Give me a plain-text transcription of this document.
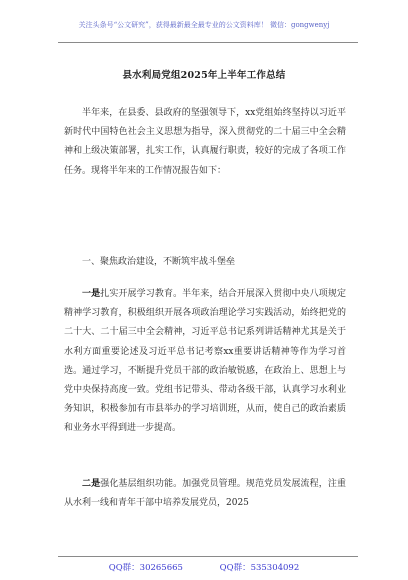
关注头条号“公文研究”，获得最新最全最专业的公文资料库！ 微信：gongwenyj
县水利局党组2025年上半年工作总结

半年来，在县委、县政府的坚强领导下，xx党组始终坚持以习近平新时代中国特色社会主义思想为指导，深入贯彻党的二十届三中全会精神和上级决策部署，扎实工作，认真履行职责，较好的完成了各项工作任务。现将半年来的工作情况报告如下：

一、聚焦政治建设，不断筑牢战斗堡垒

一是扎实开展学习教育。半年来，结合开展深入贯彻中央八项规定精神学习教育，积极组织开展各项政治理论学习实践活动，始终把党的二十大、二十届三中全会精神，习近平总书记系列讲话精神尤其是关于水利方面重要论述及习近平总书记考察xx重要讲话精神等作为学习首选。通过学习，不断提升党员干部的政治敏锐感，在政治上、思想上与党中央保持高度一致。党组书记带头、带动各级干部，认真学习水利业务知识，积极参加有市县举办的学习培训班，从而，使自己的政治素质和业务水平得到进一步提高。

二是强化基层组织功能。加强党员管理。规范党员发展流程，注重从水利一线和青年干部中培养发展党员，2025

QQ群：30265665	QQ群：535304092
